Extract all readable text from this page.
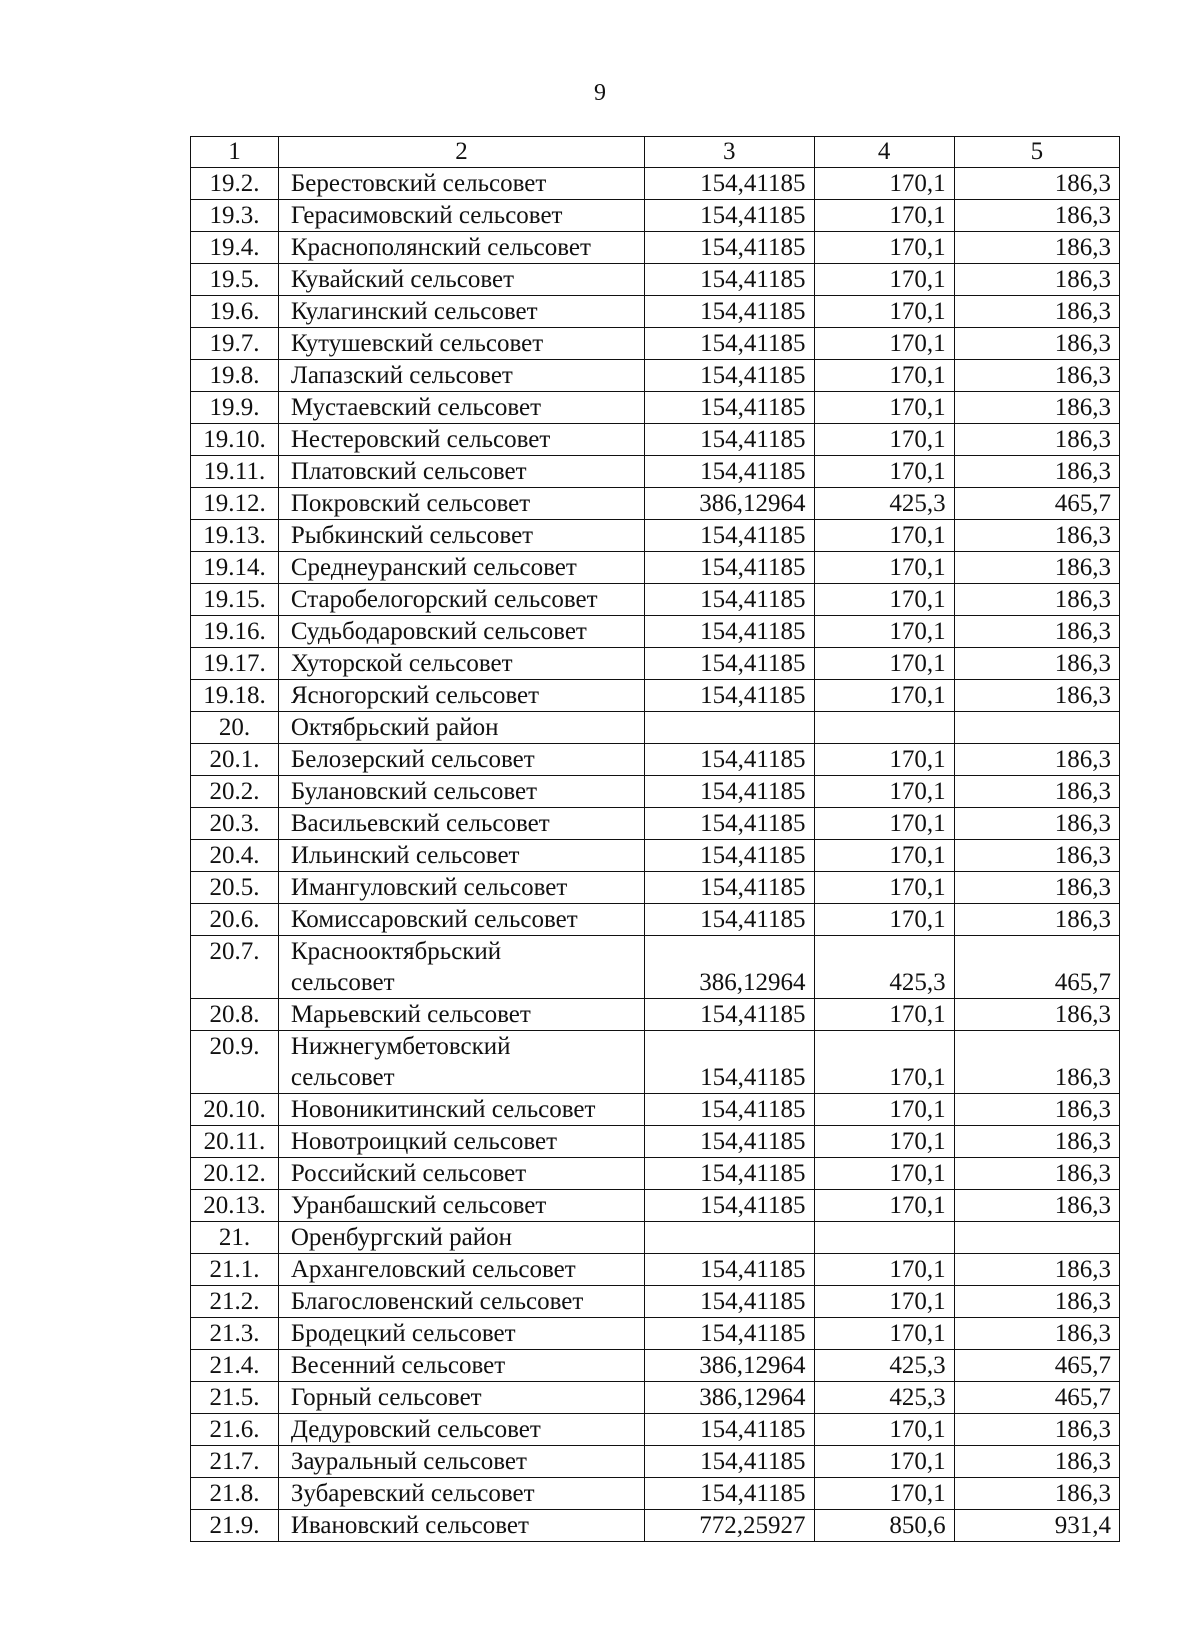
9
1	2	3	4	5
19.2.	Берестовский сельсовет	154,41185	170,1	186,3
19.3.	Герасимовский сельсовет	154,41185	170,1	186,3
19.4.	Краснополянский сельсовет	154,41185	170,1	186,3
19.5.	Кувайский сельсовет	154,41185	170,1	186,3
19.6.	Кулагинский сельсовет	154,41185	170,1	186,3
19.7.	Кутушевский сельсовет	154,41185	170,1	186,3
19.8.	Лапазский сельсовет	154,41185	170,1	186,3
19.9.	Мустаевский сельсовет	154,41185	170,1	186,3
19.10.	Нестеровский сельсовет	154,41185	170,1	186,3
19.11.	Платовский сельсовет	154,41185	170,1	186,3
19.12.	Покровский сельсовет	386,12964	425,3	465,7
19.13.	Рыбкинский сельсовет	154,41185	170,1	186,3
19.14.	Среднеуранский сельсовет	154,41185	170,1	186,3
19.15.	Старобелогорский сельсовет	154,41185	170,1	186,3
19.16.	Судьбодаровский сельсовет	154,41185	170,1	186,3
19.17.	Хуторской сельсовет	154,41185	170,1	186,3
19.18.	Ясногорский сельсовет	154,41185	170,1	186,3
20.	Октябрьский район			

20.1.	Белозерский сельсовет	154,41185	170,1	186,3
20.2.	Булановский сельсовет	154,41185	170,1	186,3
20.3.	Васильевский сельсовет	154,41185	170,1	186,3
20.4.	Ильинский сельсовет	154,41185	170,1	186,3
20.5.	Имангуловский сельсовет	154,41185	170,1	186,3
20.6.	Комиссаровский сельсовет	154,41185	170,1	186,3
20.7.	Краснооктябрьский
сельсовет	386,12964	425,3	465,7
20.8.	Марьевский сельсовет	154,41185	170,1	186,3
20.9.	Нижнегумбетовский
сельсовет	154,41185	170,1	186,3
20.10.	Новоникитинский сельсовет	154,41185	170,1	186,3
20.11.	Новотроицкий сельсовет	154,41185	170,1	186,3
20.12.	Российский сельсовет	154,41185	170,1	186,3
20.13.	Уранбашский сельсовет	154,41185	170,1	186,3
21.	Оренбургский район			

21.1.	Архангеловский сельсовет	154,41185	170,1	186,3
21.2.	Благословенский сельсовет	154,41185	170,1	186,3
21.3.	Бродецкий сельсовет	154,41185	170,1	186,3
21.4.	Весенний сельсовет	386,12964	425,3	465,7
21.5.	Горный сельсовет	386,12964	425,3	465,7
21.6.	Дедуровский сельсовет	154,41185	170,1	186,3
21.7.	Зауральный сельсовет	154,41185	170,1	186,3
21.8.	Зубаревский сельсовет	154,41185	170,1	186,3
21.9.	Ивановский сельсовет	772,25927	850,6	931,4
